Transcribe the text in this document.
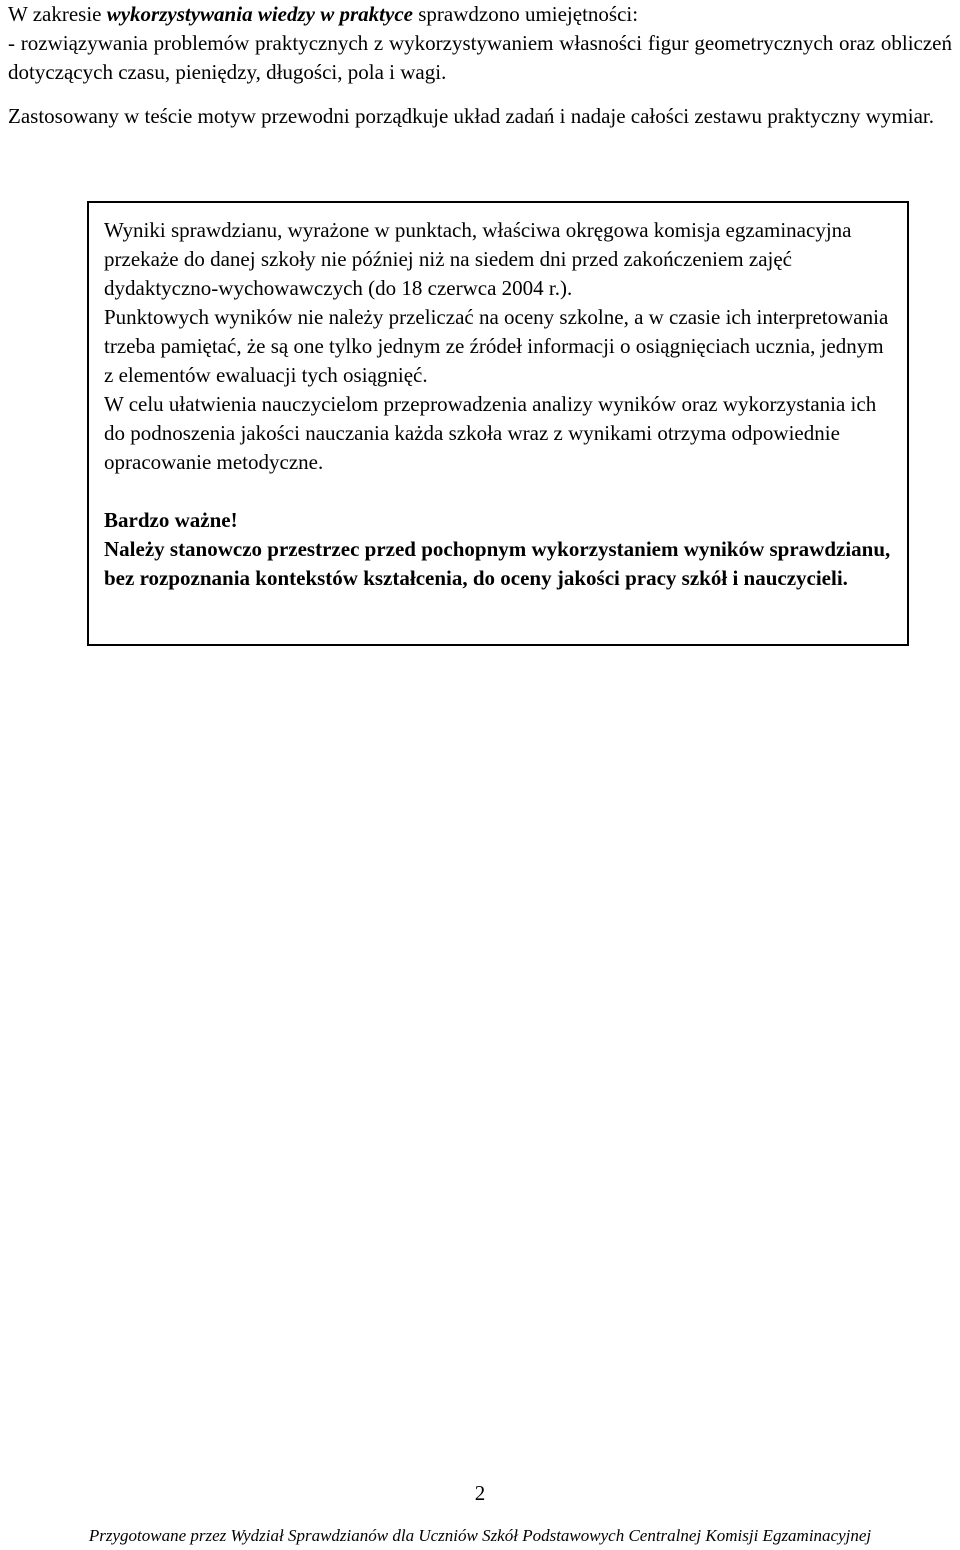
W zakresie wykorzystywania wiedzy w praktyce sprawdzono umiejętności:

- rozwiązywania problemów praktycznych z wykorzystywaniem własności figur geometrycznych oraz obliczeń dotyczących czasu, pieniędzy, długości, pola i wagi.

Zastosowany w teście motyw przewodni porządkuje układ zadań i nadaje całości zestawu praktyczny wymiar.

Wyniki sprawdzianu, wyrażone w punktach, właściwa okręgowa komisja egzaminacyjna przekaże do danej szkoły nie później niż na siedem dni przed zakończeniem zajęć dydaktyczno-wychowawczych (do 18 czerwca 2004 r.).

Punktowych wyników nie należy przeliczać na oceny szkolne, a w czasie ich interpretowania trzeba pamiętać, że są one tylko jednym ze źródeł informacji o osiągnięciach ucznia, jednym z elementów ewaluacji tych osiągnięć.

W celu ułatwienia nauczycielom przeprowadzenia analizy wyników oraz wykorzystania ich do podnoszenia jakości nauczania każda szkoła wraz z wynikami otrzyma odpowiednie opracowanie metodyczne.

Bardzo ważne!

Należy stanowczo przestrzec przed pochopnym wykorzystaniem wyników sprawdzianu, bez rozpoznania kontekstów kształcenia, do oceny jakości pracy szkół i nauczycieli.

2
Przygotowane przez Wydział Sprawdzianów dla Uczniów Szkół Podstawowych Centralnej Komisji Egzaminacyjnej
